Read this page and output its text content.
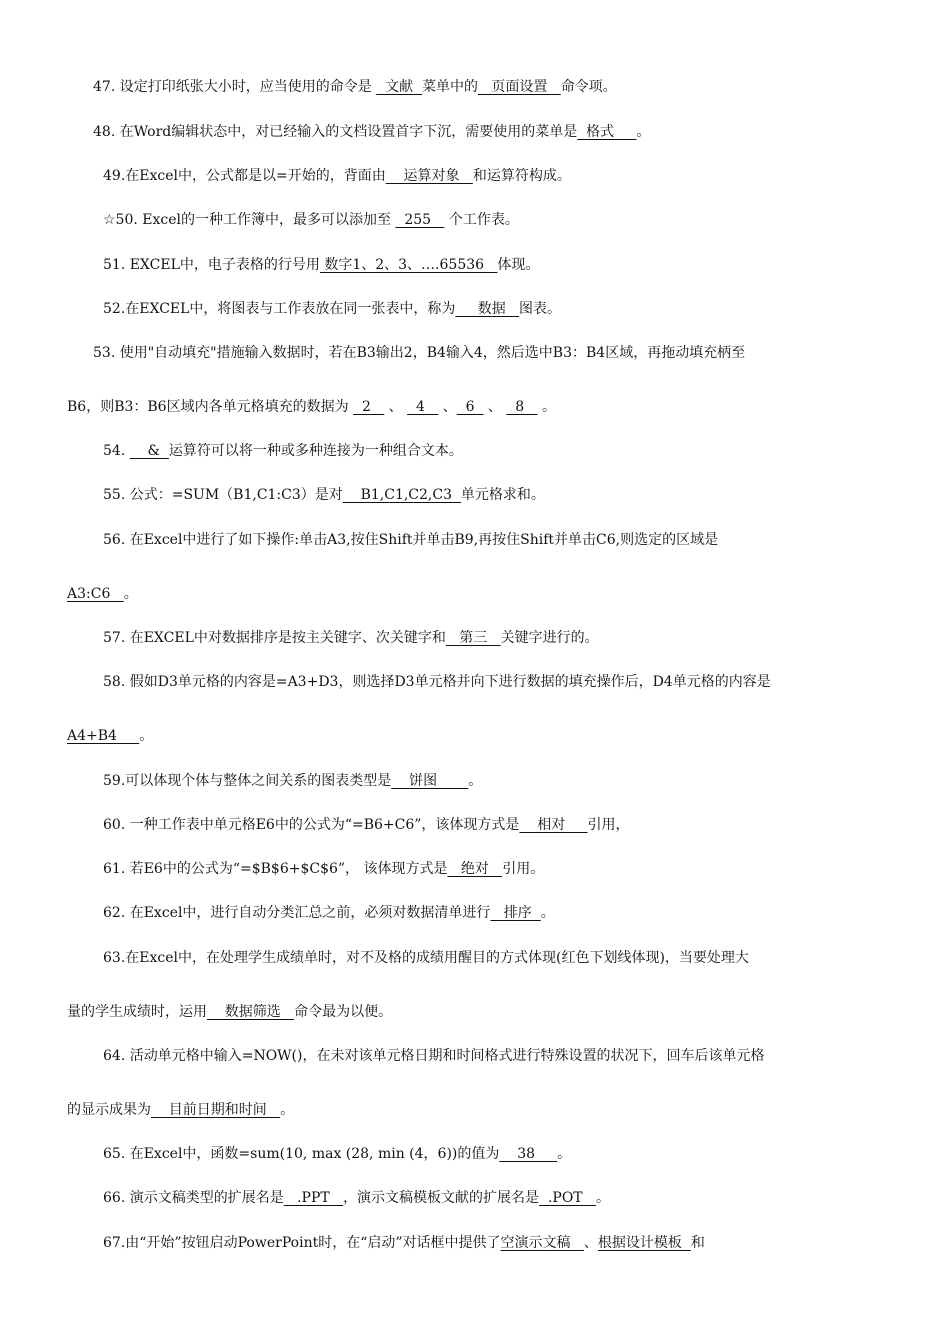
47. 设定打印纸张大小时，应当使用的命令是   文献  菜单中的   页面设置   命令项。
48. 在Word编辑状态中，对已经输入的文档设置首字下沉，需要使用的菜单是  格式     。
49.在Excel中，公式都是以=开始的，背面由    运算对象   和运算符构成。
☆50. Excel的一种工作簿中，最多可以添加至   255    个工作表。
51. EXCEL中，电子表格的行号用 数字1、2、3、….65536   体现。
52.在EXCEL中，将图表与工作表放在同一张表中，称为     数据   图表。
53. 使用"自动填充"措施输入数据时，若在B3输出2，B4输入4，然后选中B3：B4区域，再拖动填充柄至
B6，则B3：B6区域内各单元格填充的数据为   2    、   4    、  6   、   8    。
54.     &  运算符可以将一种或多种连接为一种组合文本。
55. 公式：=SUM（B1,C1:C3）是对    B1,C1,C2,C3  单元格求和。
56. 在Excel中进行了如下操作:单击A3,按住Shift并单击B9,再按住Shift并单击C6,则选定的区域是
A3:C6   。
57. 在EXCEL中对数据排序是按主关键字、次关键字和   第三   关键字进行的。
58. 假如D3单元格的内容是=A3+D3，则选择D3单元格并向下进行数据的填充操作后，D4单元格的内容是
A4+B4     。
59.可以体现个体与整体之间关系的图表类型是    饼图       。
60. 一种工作表中单元格E6中的公式为“=B6+C6”，该体现方式是    相对     引用，
61. 若E6中的公式为“=$B$6+$C$6”， 该体现方式是   绝对   引用。
62. 在Excel中，进行自动分类汇总之前，必须对数据清单进行   排序  。
63.在Excel中，在处理学生成绩单时，对不及格的成绩用醒目的方式体现(红色下划线体现)，当要处理大
量的学生成绩时，运用    数据筛选   命令最为以便。
64. 活动单元格中输入=NOW()，在未对该单元格日期和时间格式进行特殊设置的状况下，回车后该单元格
的显示成果为    目前日期和时间   。
65. 在Excel中，函数=sum(10, max (28, min (4，6))的值为    38     。
66. 演示文稿类型的扩展名是   .PPT   ，演示文稿模板文献的扩展名是  .POT   。
67.由“开始”按钮启动PowerPoint时，在“启动”对话框中提供了空演示文稿   、根据设计模板  和
